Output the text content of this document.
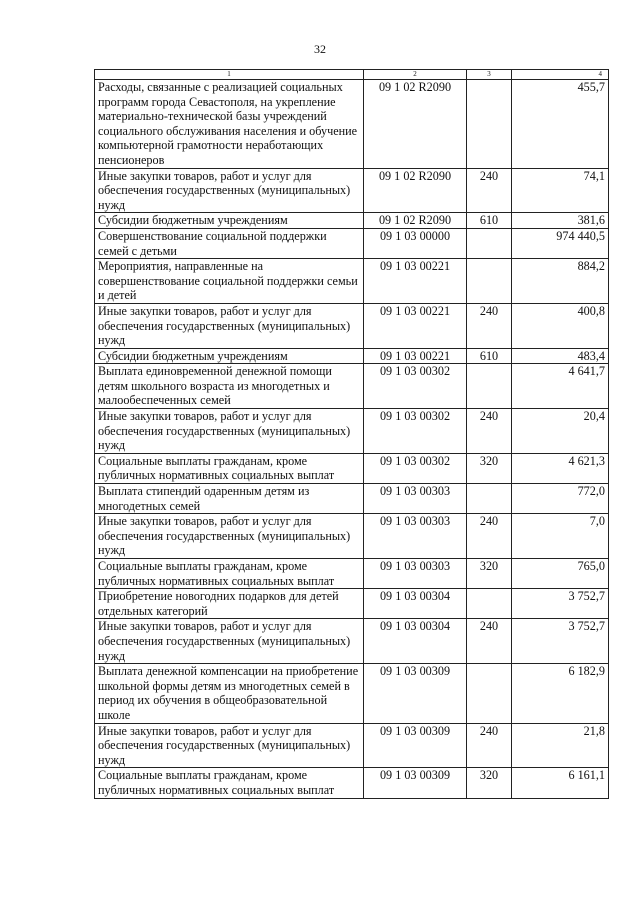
32
1	2	3	4
Расходы, связанные с реализацией социальных программ города Севастополя, на укрепление материально-технической базы учреждений социального обслуживания населения и обучение компьютерной грамотности неработающих пенсионеров	09 1 02 R2090		455,7
Иные закупки товаров, работ и услуг для обеспечения государственных (муниципальных) нужд	09 1 02 R2090	240	74,1
Субсидии бюджетным учреждениям	09 1 02 R2090	610	381,6
Совершенствование социальной поддержки семей с детьми	09 1 03 00000		974 440,5
Мероприятия, направленные на совершенствование социальной поддержки семьи и детей	09 1 03 00221		884,2
Иные закупки товаров, работ и услуг для обеспечения государственных (муниципальных) нужд	09 1 03 00221	240	400,8
Субсидии бюджетным учреждениям	09 1 03 00221	610	483,4
Выплата единовременной денежной помощи детям школьного возраста из многодетных и малообеспеченных семей	09 1 03 00302		4 641,7
Иные закупки товаров, работ и услуг для обеспечения государственных (муниципальных) нужд	09 1 03 00302	240	20,4
Социальные выплаты гражданам, кроме публичных нормативных социальных выплат	09 1 03 00302	320	4 621,3
Выплата стипендий одаренным детям из многодетных семей	09 1 03 00303		772,0
Иные закупки товаров, работ и услуг для обеспечения государственных (муниципальных) нужд	09 1 03 00303	240	7,0
Социальные выплаты гражданам, кроме публичных нормативных социальных выплат	09 1 03 00303	320	765,0
Приобретение новогодних подарков для детей отдельных категорий	09 1 03 00304		3 752,7
Иные закупки товаров, работ и услуг для обеспечения государственных (муниципальных) нужд	09 1 03 00304	240	3 752,7
Выплата денежной компенсации на приобретение школьной формы детям из многодетных семей в период их обучения в общеобразовательной школе	09 1 03 00309		6 182,9
Иные закупки товаров, работ и услуг для обеспечения государственных (муниципальных) нужд	09 1 03 00309	240	21,8
Социальные выплаты гражданам, кроме публичных нормативных социальных выплат	09 1 03 00309	320	6 161,1
